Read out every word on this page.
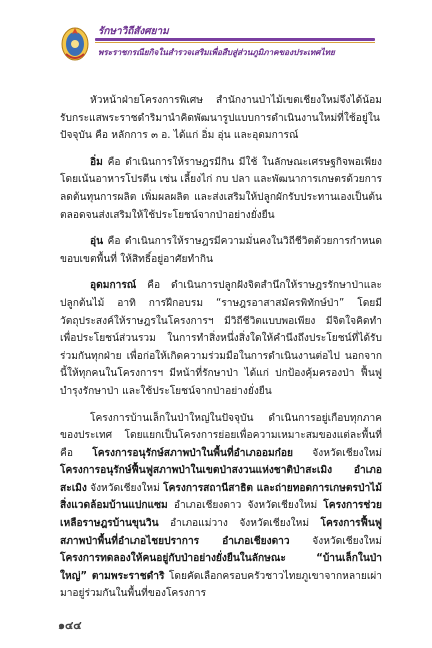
รักษาวิถีสังศยาม
พระราชกรณียกิจในสำรวจเสริมเพื่อสืบสู่ส่วนภูมิภาคของประเทศไทย

หัวหน้าฝ่ายโครงการพิเศษ สำนักงานป่าไม้เขตเชียงใหม่จึงได้น้อมรับกระแสพระราชดำริมานำคิดพัฒนารูปแบบการดำเนินงานใหม่ที่ใช้อยู่ในปัจจุบัน คือ หลักการ ๓ อ. ได้แก่ อิ่ม อุ่น และอุดมการณ์

อิ่ม คือ ดำเนินการให้ราษฎรมีกิน มีใช้ ในลักษณะเศรษฐกิจพอเพียง โดยเน้นอาหารโปรตีน เช่น เลี้ยงไก่ กบ ปลา และพัฒนาการเกษตรด้วยการลดต้นทุนการผลิต เพิ่มผลผลิต และส่งเสริมให้ปลูกผักรับประทานเองเป็นต้น ตลอดจนส่งเสริมให้ใช้ประโยชน์จากป่าอย่างยั่งยืน

อุ่น คือ ดำเนินการให้ราษฎรมีความมั่นคงในวิถีชีวิตด้วยการกำหนดขอบเขตพื้นที่ ให้สิทธิ์อยู่อาศัยทำกิน

อุดมการณ์ คือ ดำเนินการปลูกฝังจิตสำนึกให้ราษฎรรักษาป่าและปลูกต้นไม้ อาทิ การฝึกอบรม “ราษฎรอาสาสมัครพิทักษ์ป่า” โดยมีวัตถุประสงค์ให้ราษฎรในโครงการฯ มีวิถีชีวิตแบบพอเพียง มีจิตใจคิดทำเพื่อประโยชน์ส่วนรวม ในการทำสิ่งหนึ่งสิ่งใดให้คำนึงถึงประโยชน์ที่ได้รับร่วมกันทุกฝ่าย เพื่อก่อให้เกิดความร่วมมือในการดำเนินงานต่อไป นอกจากนี้ให้ทุกคนในโครงการฯ มีหน้าที่รักษาป่า ได้แก่ ปกป้องคุ้มครองป่า ฟื้นฟู บำรุงรักษาป่า และใช้ประโยชน์จากป่าอย่างยั่งยืน

โครงการบ้านเล็กในป่าใหญ่ในปัจจุบัน ดำเนินการอยู่เกือบทุกภาคของประเทศ โดยแยกเป็นโครงการย่อยเพื่อความเหมาะสมของแต่ละพื้นที่ คือ โครงการอนุรักษ์สภาพป่าในพื้นที่อำเภออมก๋อย จังหวัดเชียงใหม่ โครงการอนุรักษ์ฟื้นฟูสภาพป่าในเขตป่าสงวนแห่งชาติป่าสะเมิง อำเภอสะเมิง จังหวัดเชียงใหม่ โครงการสถานีสาธิต และถ่ายทอดการเกษตรป่าไม้ สิ่งแวดล้อมบ้านแปกแซม อำเภอเชียงดาว จังหวัดเชียงใหม่ โครงการช่วยเหลือราษฎรบ้านขุนวิน อำเภอแม่วาง จังหวัดเชียงใหม่ โครงการฟื้นฟูสภาพป่าพื้นที่อำเภอไชยปราการ อำเภอเชียงดาว จังหวัดเชียงใหม่ โครงการทดลองให้คนอยู่กับป่าอย่างยั่งยืนในลักษณะ “บ้านเล็กในป่าใหญ่” ตามพระราชดำริ โดยคัดเลือกครอบครัวชาวไทยภูเขาจากหลายเผ่า มาอยู่ร่วมกันในพื้นที่ของโครงการ

๑๔๔
